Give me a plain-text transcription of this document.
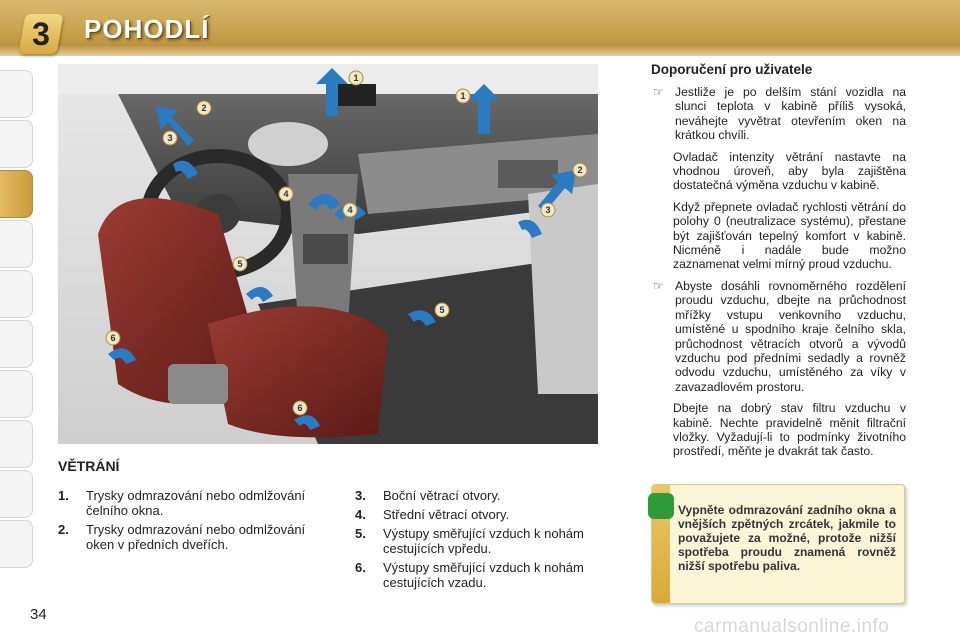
3	POHODLÍ
1
1
2
2
3
3
4
4
5
5
6
6
VĚTRÁNÍ
1.	Trysky odmrazování nebo odmlžování čelního okna.
2.	Trysky odmrazování nebo odmlžování oken v předních dveřích.
3.	Boční větrací otvory.
4.	Střední větrací otvory.
5.	Výstupy směřující vzduch k nohám cestujících vpředu.
6.	Výstupy směřující vzduch k nohám cestujících vzadu.
34
Doporučení pro uživatele
☞ Jestliže je po delším stání vozidla na slunci teplota v kabině příliš vysoká, neváhejte vyvětrat otevřením oken na krátkou chvíli.

Ovladač intenzity větrání nastavte na vhodnou úroveň, aby byla zajištěna dostatečná výměna vzduchu v kabině.

Když přepnete ovladač rychlosti větrání do polohy 0 (neutralizace systému), přestane být zajišťován tepelný komfort v kabině. Nicméně i nadále bude možno zaznamenat velmi mírný proud vzduchu.

☞ Abyste dosáhli rovnoměrného rozdělení proudu vzduchu, dbejte na průchodnost mřížky vstupu venkovního vzduchu, umístěné u spodního kraje čelního skla, průchodnost větracích otvorů a vývodů vzduchu pod předními sedadly a rovněž odvodu vzduchu, umístěného za víky v zavazadlovém prostoru.

Dbejte na dobrý stav filtru vzduchu v kabině. Nechte pravidelně měnit filtrační vložky. Vyžadují-li to podmínky životního prostředí, měňte je dvakrát tak často.

Vypněte odmrazování zadního okna a vnějších zpětných zrcátek, jakmile to považujete za možné, protože nižší spotřeba proudu znamená rovněž nižší spotřebu paliva.
carmanualsonline.info
